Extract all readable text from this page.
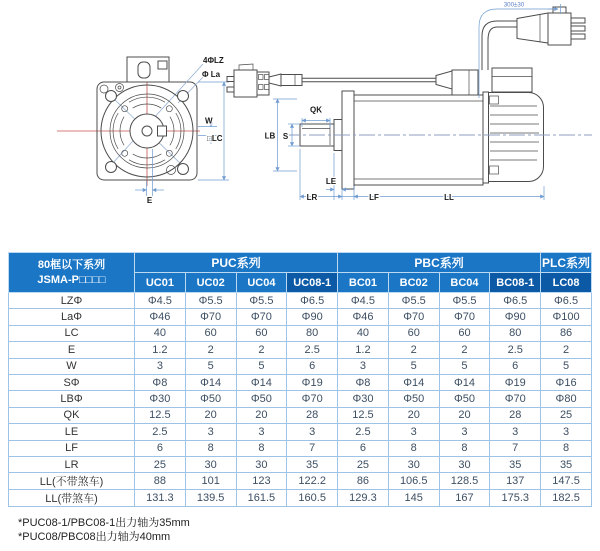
4ΦLZ
Φ La
W
□LC
E
300±30
QK
LB S
LE
LR	LF	LL
80框以下系列
JSMA-P□□□□	PUC系列				PBC系列				PLC系列
	UC01	UC02	UC04	UC08-1	BC01	BC02	BC04	BC08-1	LC08
LZΦ	Φ4.5	Φ5.5	Φ5.5	Φ6.5	Φ4.5	Φ5.5	Φ5.5	Φ6.5	Φ6.5
LaΦ	Φ46	Φ70	Φ70	Φ90	Φ46	Φ70	Φ70	Φ90	Φ100
LC	40	60	60	80	40	60	60	80	86
E	1.2	2	2	2.5	1.2	2	2	2.5	2
W	3	5	5	6	3	5	5	6	5
SΦ	Φ8	Φ14	Φ14	Φ19	Φ8	Φ14	Φ14	Φ19	Φ16
LBΦ	Φ30	Φ50	Φ50	Φ70	Φ30	Φ50	Φ50	Φ70	Φ80
QK	12.5	20	20	28	12.5	20	20	28	25
LE	2.5	3	3	3	2.5	3	3	3	3
LF	6	8	8	7	6	8	8	7	8
LR	25	30	30	35	25	30	30	35	35
LL(不带煞车)	88	101	123	122.2	86	106.5	128.5	137	147.5
LL(带煞车)	131.3	139.5	161.5	160.5	129.3	145	167	175.3	182.5
*PUC08-1/PBC08-1出力轴为35mm
*PUC08/PBC08出力轴为40mm
